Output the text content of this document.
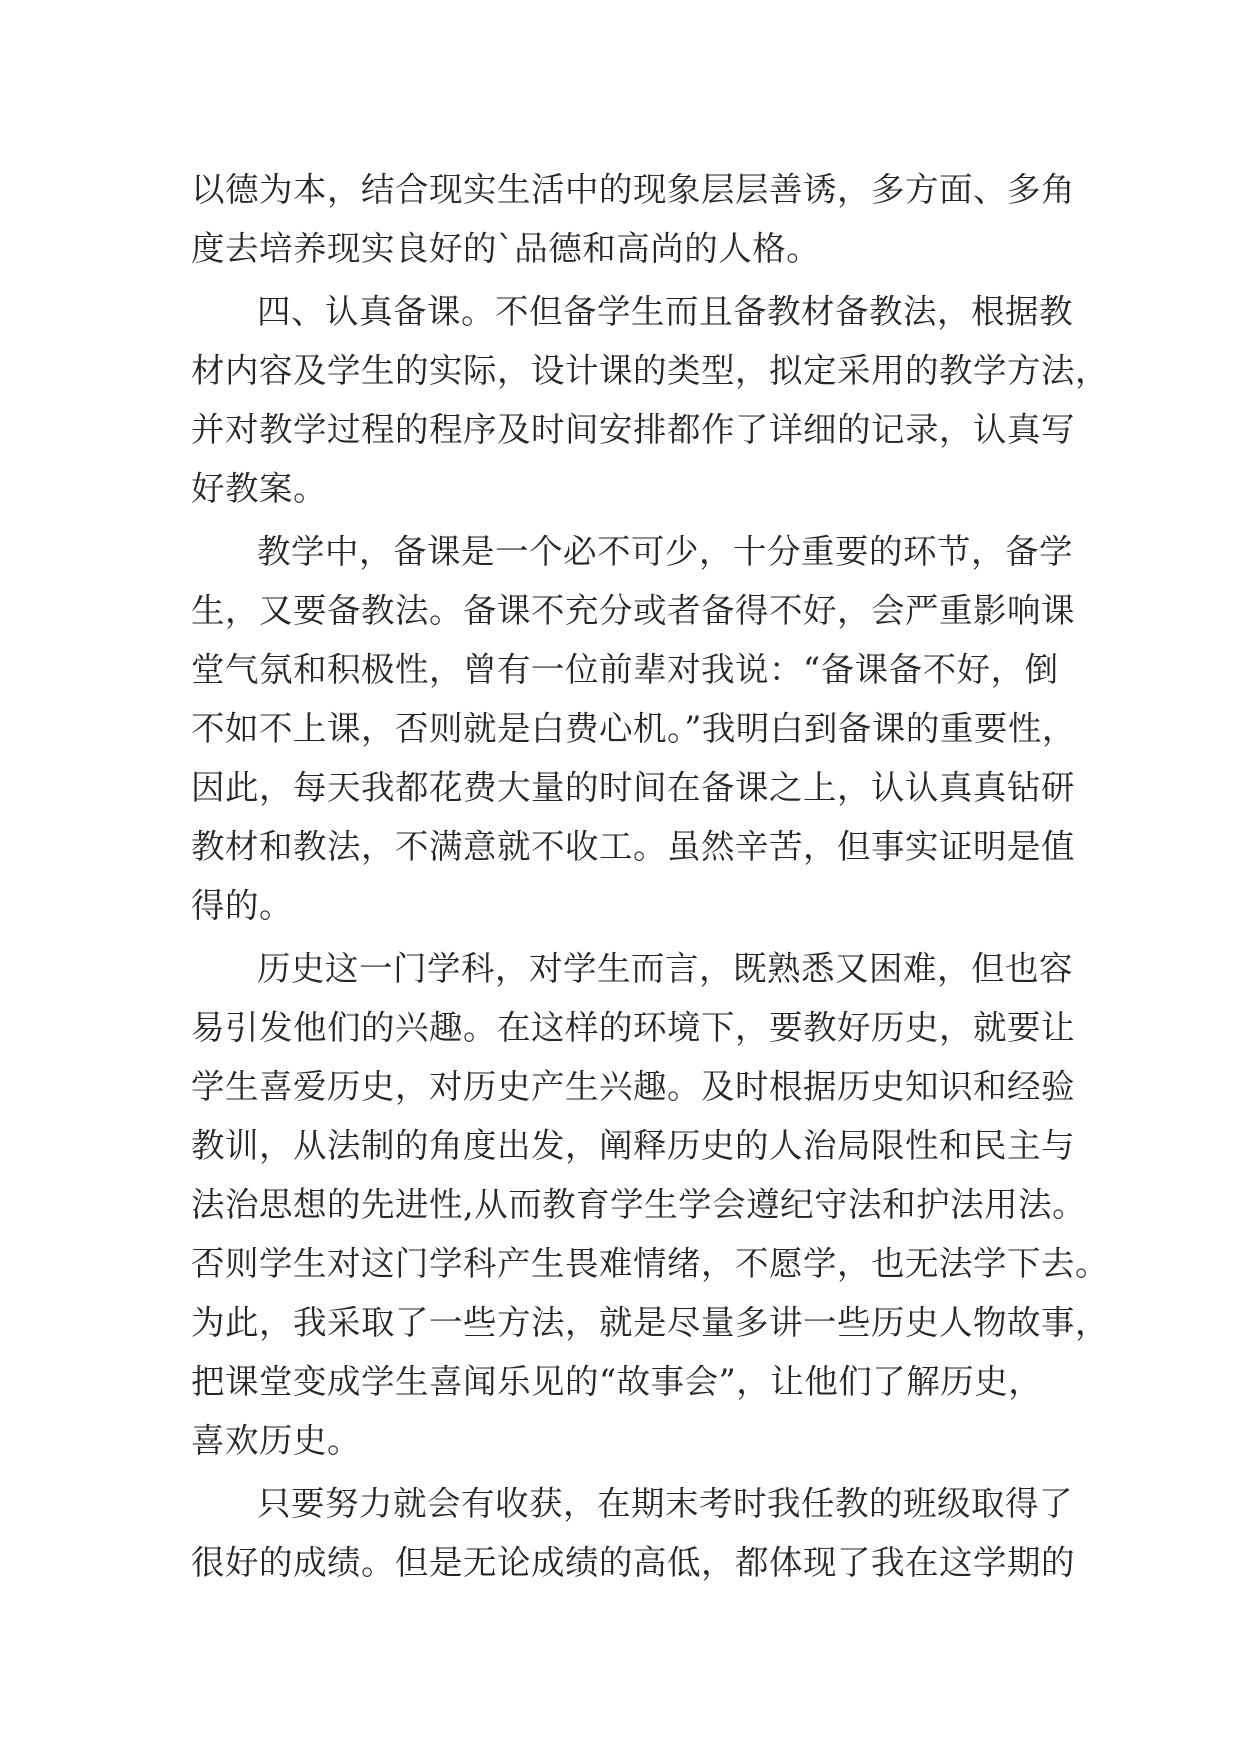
以德为本，结合现实生活中的现象层层善诱，多方面、多角
度去培养现实良好的`品德和高尚的人格。
四、认真备课。不但备学生而且备教材备教法，根据教
材内容及学生的实际，设计课的类型，拟定采用的教学方法，
并对教学过程的程序及时间安排都作了详细的记录，认真写
好教案。
教学中，备课是一个必不可少，十分重要的环节，备学
生，又要备教法。备课不充分或者备得不好，会严重影响课
堂气氛和积极性，曾有一位前辈对我说：“备课备不好，倒
不如不上课，否则就是白费心机。”我明白到备课的重要性，
因此，每天我都花费大量的时间在备课之上，认认真真钻研
教材和教法，不满意就不收工。虽然辛苦，但事实证明是值
得的。
历史这一门学科，对学生而言，既熟悉又困难，但也容
易引发他们的兴趣。在这样的环境下，要教好历史，就要让
学生喜爱历史，对历史产生兴趣。及时根据历史知识和经验
教训，从法制的角度出发，阐释历史的人治局限性和民主与
法治思想的先进性,从而教育学生学会遵纪守法和护法用法。
否则学生对这门学科产生畏难情绪，不愿学，也无法学下去。
为此，我采取了一些方法，就是尽量多讲一些历史人物故事，
把课堂变成学生喜闻乐见的“故事会”，让他们了解历史，
喜欢历史。
只要努力就会有收获，在期末考时我任教的班级取得了
很好的成绩。但是无论成绩的高低，都体现了我在这学期的
